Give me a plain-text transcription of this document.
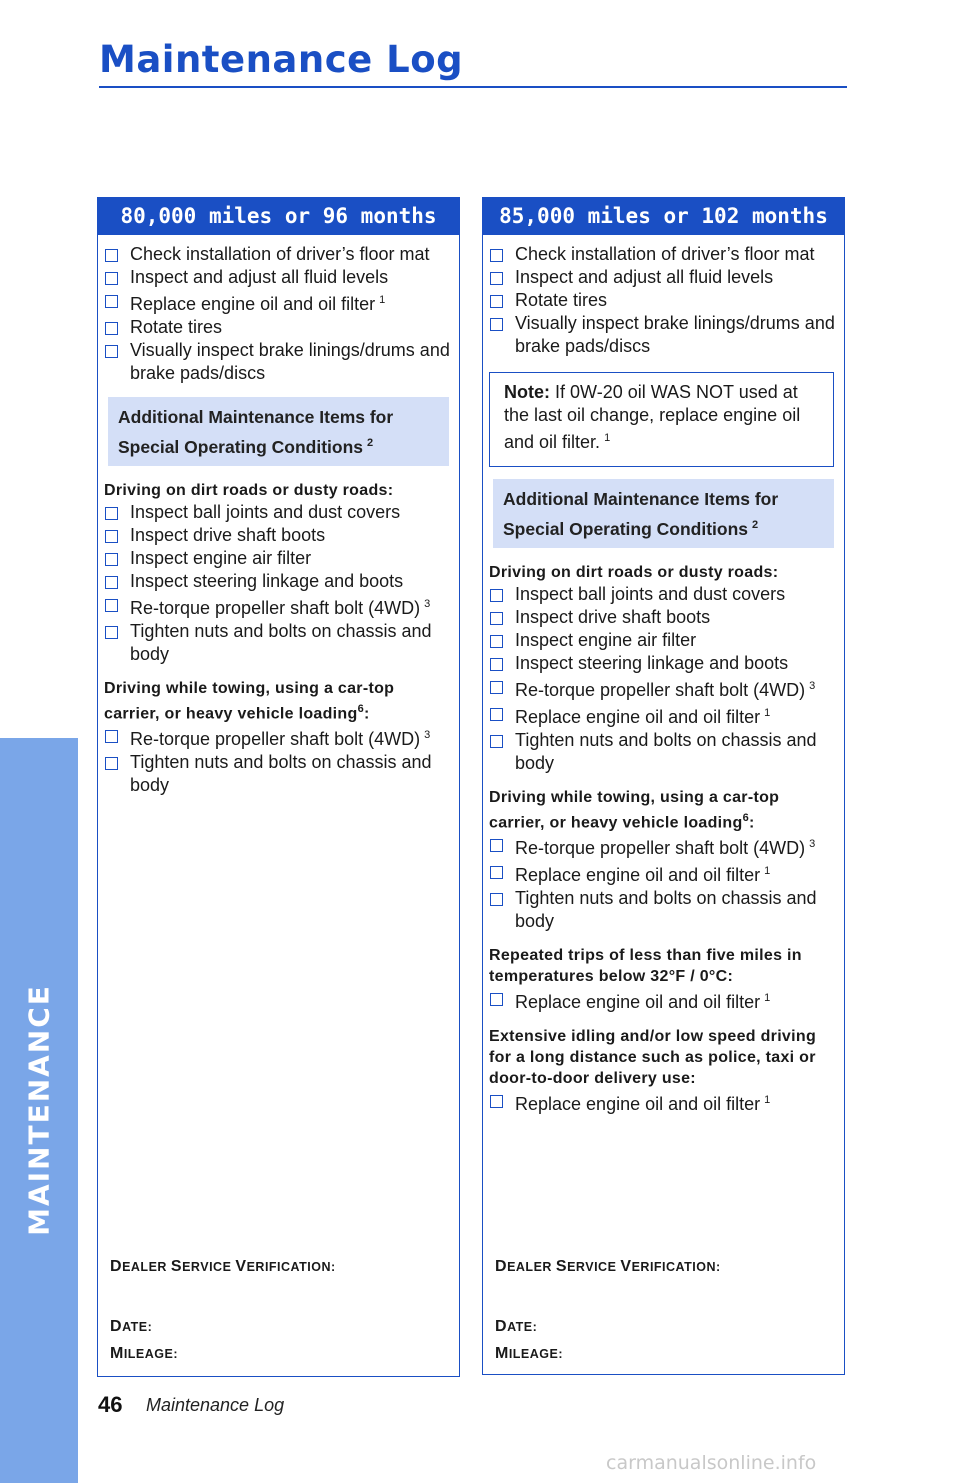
Maintenance Log
MAINTENANCE
80,000 miles or 96 months
Check installation of driver’s floor mat
Inspect and adjust all fluid levels
Replace engine oil and oil filter $^1$
Rotate tires
Visually inspect brake linings/drums and brake pads/discs
Additional Maintenance Items for Special Operating Conditions $^2$
Driving on dirt roads or dusty roads:
Inspect ball joints and dust covers
Inspect drive shaft boots
Inspect engine air filter
Inspect steering linkage and boots
Re-torque propeller shaft bolt (4WD) $^3$
Tighten nuts and bolts on chassis and body
Driving while towing, using a car-top carrier, or heavy vehicle loading$^6$:
Re-torque propeller shaft bolt (4WD) $^3$
Tighten nuts and bolts on chassis and body
DEALER SERVICE VERIFICATION:
DATE:
MILEAGE:
85,000 miles or 102 months
Check installation of driver’s floor mat
Inspect and adjust all fluid levels
Rotate tires
Visually inspect brake linings/drums and brake pads/discs
Note: If 0W-20 oil WAS NOT used at the last oil change, replace engine oil and oil filter. $^1$
Additional Maintenance Items for Special Operating Conditions $^2$
Driving on dirt roads or dusty roads:
Inspect ball joints and dust covers
Inspect drive shaft boots
Inspect engine air filter
Inspect steering linkage and boots
Re-torque propeller shaft bolt (4WD) $^3$
Replace engine oil and oil filter $^1$
Tighten nuts and bolts on chassis and body
Driving while towing, using a car-top carrier, or heavy vehicle loading$^6$:
Re-torque propeller shaft bolt (4WD) $^3$
Replace engine oil and oil filter $^1$
Tighten nuts and bolts on chassis and body
Repeated trips of less than five miles in temperatures below 32°F / 0°C:
Replace engine oil and oil filter $^1$
Extensive idling and/or low speed driving for a long distance such as police, taxi or door-to-door delivery use:
Replace engine oil and oil filter $^1$
DEALER SERVICE VERIFICATION:
DATE:
MILEAGE:
46 Maintenance Log
carmanualsonline.info
